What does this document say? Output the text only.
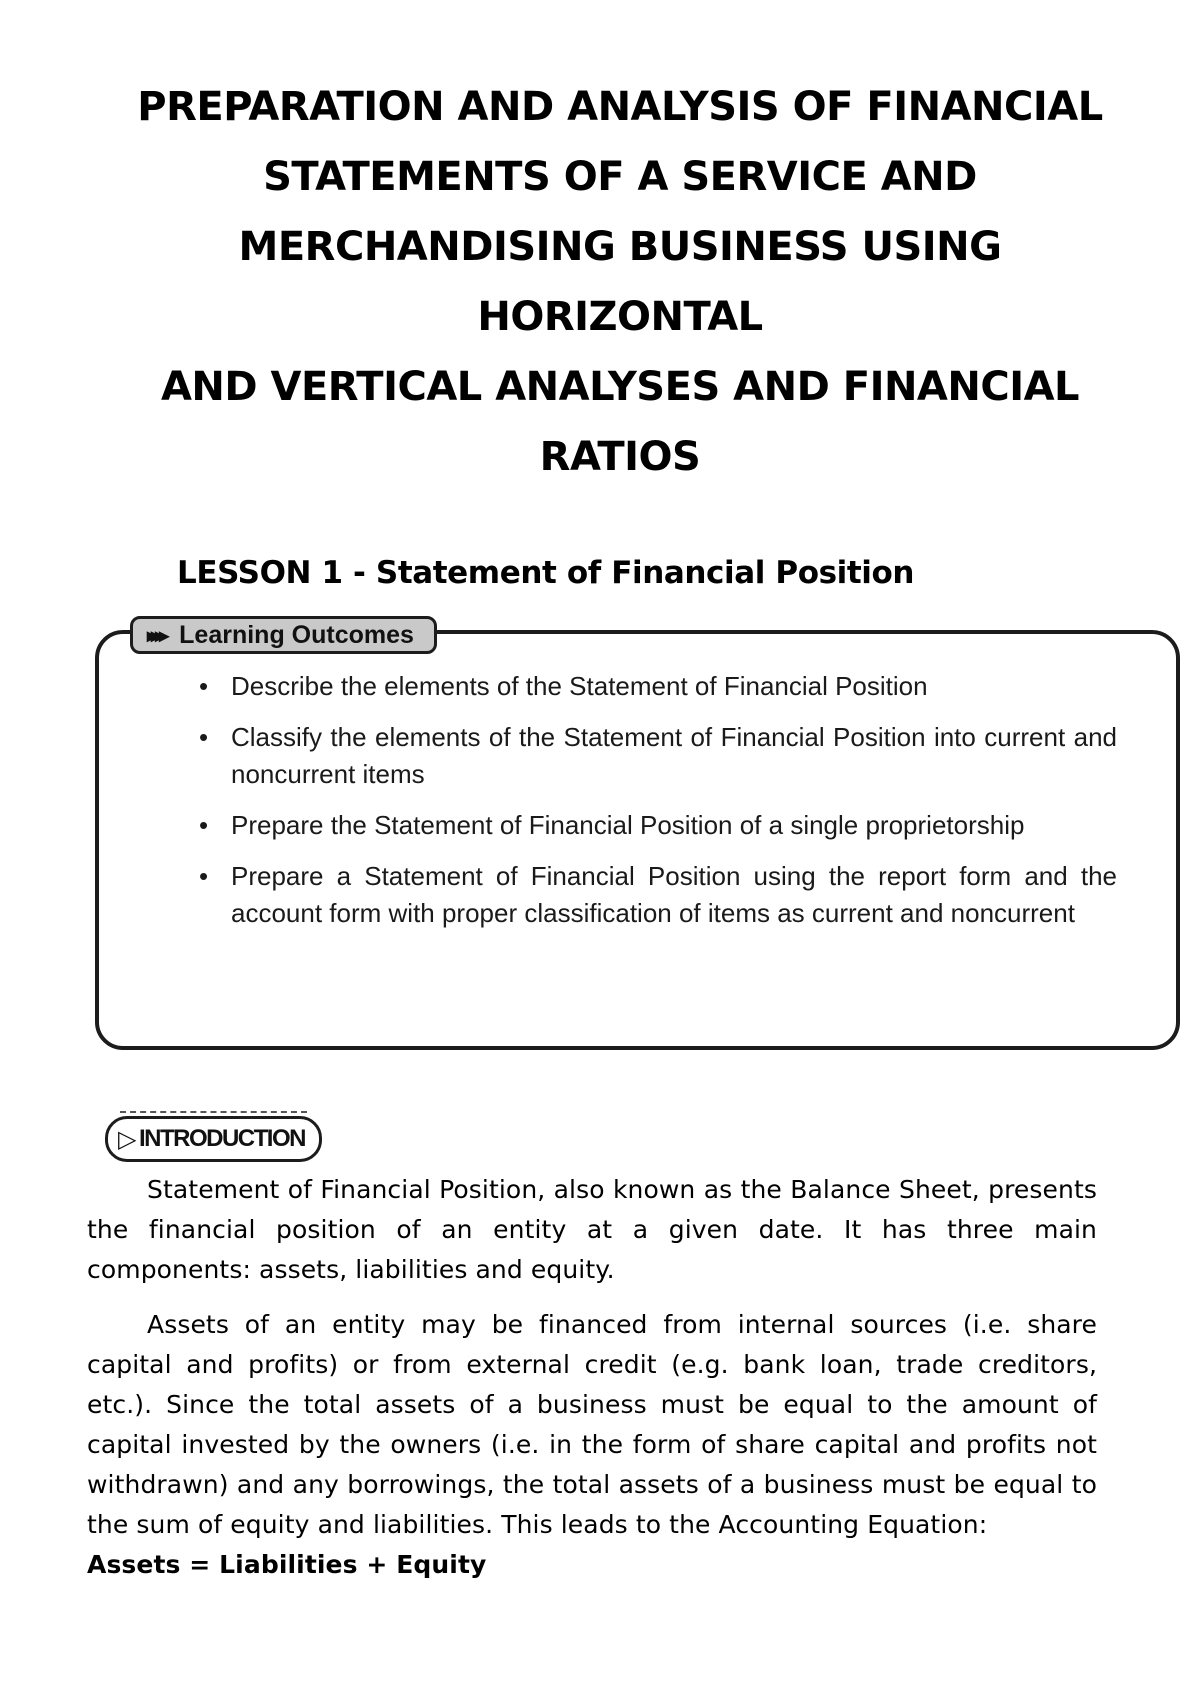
PREPARATION AND ANALYSIS OF FINANCIAL
STATEMENTS OF A SERVICE AND
MERCHANDISING BUSINESS USING
HORIZONTAL
AND VERTICAL ANALYSES AND FINANCIAL
RATIOS
LESSON 1 - Statement of Financial Position
▸▸▸▸ Learning Outcomes
• Describe the elements of the Statement of Financial Position
• Classify the elements of the Statement of Financial Position into current and noncurrent items
• Prepare the Statement of Financial Position of a single proprietorship
• Prepare a Statement of Financial Position using the report form and the account form with proper classification of items as current and noncurrent
▷ INTRODUCTION

Statement of Financial Position, also known as the Balance Sheet, presents the financial position of an entity at a given date. It has three main components: assets, liabilities and equity.

Assets of an entity may be financed from internal sources (i.e. share capital and profits) or from external credit (e.g. bank loan, trade creditors, etc.). Since the total assets of a business must be equal to the amount of capital invested by the owners (i.e. in the form of share capital and profits not withdrawn) and any borrowings, the total assets of a business must be equal to the sum of equity and liabilities. This leads to the Accounting Equation:
Assets = Liabilities + Equity
